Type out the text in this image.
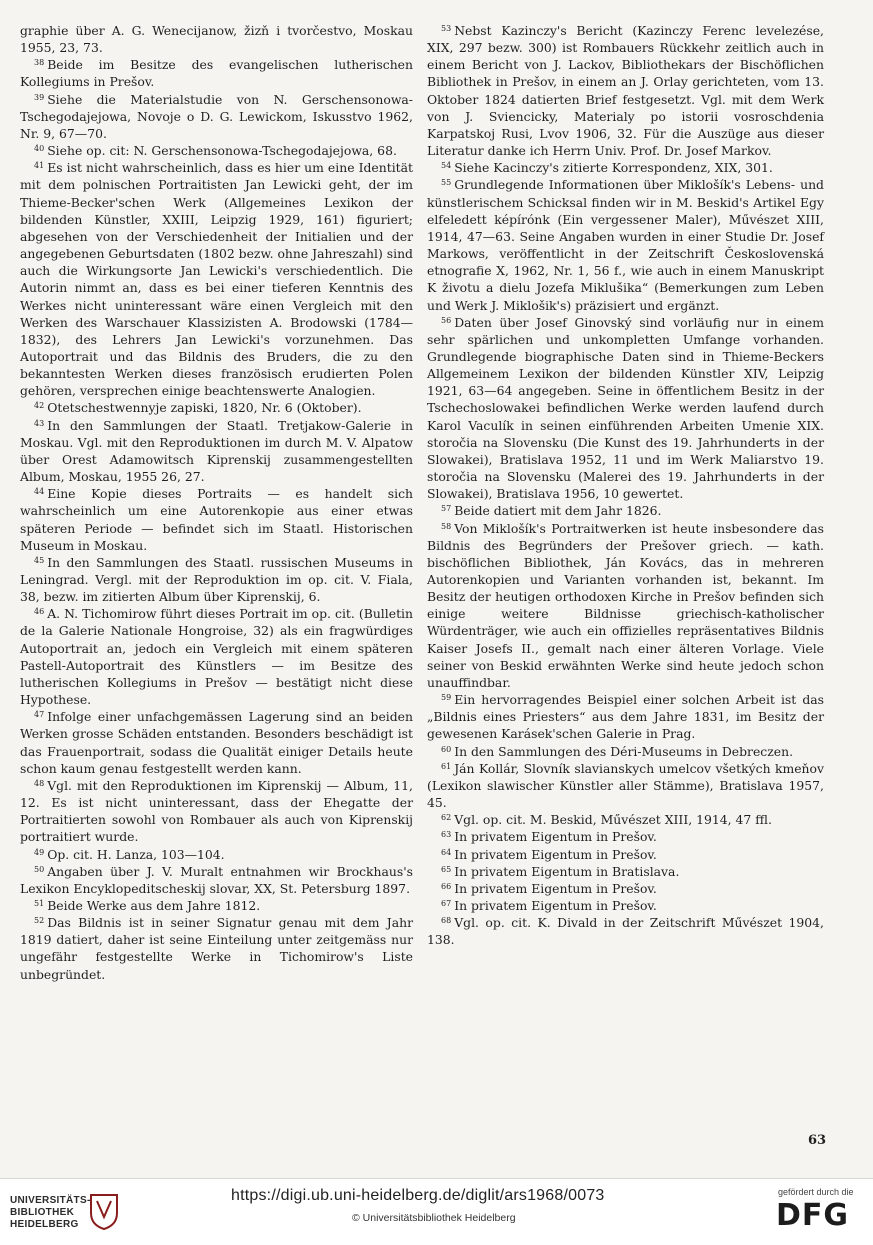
graphie über A. G. Wenecijanow, žizň i tvorčestvo, Moskau 1955, 23, 73.

$^{38}$ Beide im Besitze des evangelischen lutherischen Kollegiums in Prešov.

$^{39}$ Siehe die Materialstudie von N. Gerschensonowa-Tschegodajejowa, Novoje o D. G. Lewickom, Iskusstvo 1962, Nr. 9, 67—70.

$^{40}$ Siehe op. cit: N. Gerschensonowa-Tschegodajejowa, 68.

$^{41}$ Es ist nicht wahrscheinlich, dass es hier um eine Identität mit dem polnischen Portraitisten Jan Lewicki geht, der im Thieme-Becker'schen Werk (Allgemeines Lexikon der bildenden Künstler, XXIII, Leipzig 1929, 161) figuriert; abgesehen von der Verschiedenheit der Initialien und der angegebenen Geburtsdaten (1802 bezw. ohne Jahreszahl) sind auch die Wirkungsorte Jan Lewicki's verschiedentlich. Die Autorin nimmt an, dass es bei einer tieferen Kenntnis des Werkes nicht uninteressant wäre einen Vergleich mit den Werken des Warschauer Klassizisten A. Brodowski (1784—1832), des Lehrers Jan Lewicki's vorzunehmen. Das Autoportrait und das Bildnis des Bruders, die zu den bekanntesten Werken dieses französisch erudierten Polen gehören, versprechen einige beachtenswerte Analogien.

$^{42}$ Otetschestwennyje zapiski, 1820, Nr. 6 (Oktober).

$^{43}$ In den Sammlungen der Staatl. Tretjakow-Galerie in Moskau. Vgl. mit den Reproduktionen im durch M. V. Alpatow über Orest Adamowitsch Kiprenskij zusammengestellten Album, Moskau, 1955 26, 27.

$^{44}$ Eine Kopie dieses Portraits — es handelt sich wahrscheinlich um eine Autorenkopie aus einer etwas späteren Periode — befindet sich im Staatl. Historischen Museum in Moskau.

$^{45}$ In den Sammlungen des Staatl. russischen Museums in Leningrad. Vergl. mit der Reproduktion im op. cit. V. Fiala, 38, bezw. im zitierten Album über Kiprenskij, 6.

$^{46}$ A. N. Tichomirow führt dieses Portrait im op. cit. (Bulletin de la Galerie Nationale Hongroise, 32) als ein fragwürdiges Autoportrait an, jedoch ein Vergleich mit einem späteren Pastell-Autoportrait des Künstlers — im Besitze des lutherischen Kollegiums in Prešov — bestätigt nicht diese Hypothese.

$^{47}$ Infolge einer unfachgemässen Lagerung sind an beiden Werken grosse Schäden entstanden. Besonders beschädigt ist das Frauenportrait, sodass die Qualität einiger Details heute schon kaum genau festgestellt werden kann.

$^{48}$ Vgl. mit den Reproduktionen im Kiprenskij — Album, 11, 12. Es ist nicht uninteressant, dass der Ehegatte der Portraitierten sowohl von Rombauer als auch von Kiprenskij portraitiert wurde.

$^{49}$ Op. cit. H. Lanza, 103—104.

$^{50}$ Angaben über J. V. Muralt entnahmen wir Brockhaus's Lexikon Encyklopeditscheskij slovar, XX, St. Petersburg 1897.

$^{51}$ Beide Werke aus dem Jahre 1812.

$^{52}$ Das Bildnis ist in seiner Signatur genau mit dem Jahr 1819 datiert, daher ist seine Einteilung unter zeitgemäss nur ungefähr festgestellte Werke in Tichomirow's Liste unbegründet.

$^{53}$ Nebst Kazinczy's Bericht (Kazinczy Ferenc levelezése, XIX, 297 bezw. 300) ist Rombauers Rückkehr zeitlich auch in einem Bericht von J. Lackov, Bibliothekars der Bischöflichen Bibliothek in Prešov, in einem an J. Orlay gerichteten, vom 13. Oktober 1824 datierten Brief festgesetzt. Vgl. mit dem Werk von J. Sviencicky, Materialy po istorii vosroschdenia Karpatskoj Rusi, Lvov 1906, 32. Für die Auszüge aus dieser Literatur danke ich Herrn Univ. Prof. Dr. Josef Markov.

$^{54}$ Siehe Kacinczy's zitierte Korrespondenz, XIX, 301.

$^{55}$ Grundlegende Informationen über Miklošík's Lebens- und künstlerischem Schicksal finden wir in M. Beskid's Artikel Egy elfeledett képírónk (Ein vergessener Maler), Művészet XIII, 1914, 47—63. Seine Angaben wurden in einer Studie Dr. Josef Markows, veröffentlicht in der Zeitschrift Československá etnografie X, 1962, Nr. 1, 56 f., wie auch in einem Manuskript K životu a dielu Jozefa Miklušika“ (Bemerkungen zum Leben und Werk J. Miklošik's) präzisiert und ergänzt.

$^{56}$ Daten über Josef Ginovský sind vorläufig nur in einem sehr spärlichen und unkompletten Umfange vorhanden. Grundlegende biographische Daten sind in Thieme-Beckers Allgemeinem Lexikon der bildenden Künstler XIV, Leipzig 1921, 63—64 angegeben. Seine in öffentlichem Besitz in der Tschechoslowakei befindlichen Werke werden laufend durch Karol Vaculík in seinen einführenden Arbeiten Umenie XIX. storočia na Slovensku (Die Kunst des 19. Jahrhunderts in der Slowakei), Bratislava 1952, 11 und im Werk Maliarstvo 19. storočia na Slovensku (Malerei des 19. Jahrhunderts in der Slowakei), Bratislava 1956, 10 gewertet.

$^{57}$ Beide datiert mit dem Jahr 1826.

$^{58}$ Von Miklošík's Portraitwerken ist heute insbesondere das Bildnis des Begründers der Prešover griech. — kath. bischöflichen Bibliothek, Ján Kovács, das in mehreren Autorenkopien und Varianten vorhanden ist, bekannt. Im Besitz der heutigen orthodoxen Kirche in Prešov befinden sich einige weitere Bildnisse griechisch-katholischer Würdenträger, wie auch ein offizielles repräsentatives Bildnis Kaiser Josefs II., gemalt nach einer älteren Vorlage. Viele seiner von Beskid erwähnten Werke sind heute jedoch schon unauffindbar.

$^{59}$ Ein hervorragendes Beispiel einer solchen Arbeit ist das „Bildnis eines Priesters“ aus dem Jahre 1831, im Besitz der gewesenen Karásek'schen Galerie in Prag.

$^{60}$ In den Sammlungen des Déri-Museums in Debreczen.

$^{61}$ Ján Kollár, Slovník slavianskych umelcov všetkých kmeňov (Lexikon slawischer Künstler aller Stämme), Bratislava 1957, 45.

$^{62}$ Vgl. op. cit. M. Beskid, Művészet XIII, 1914, 47 ffl.

$^{63}$ In privatem Eigentum in Prešov.

$^{64}$ In privatem Eigentum in Prešov.

$^{65}$ In privatem Eigentum in Bratislava.

$^{66}$ In privatem Eigentum in Prešov.

$^{67}$ In privatem Eigentum in Prešov.

$^{68}$ Vgl. op. cit. K. Divald in der Zeitschrift Művészet 1904, 138.

63
UNIVERSITÄTS-
BIBLIOTHEK
HEIDELBERG
https://digi.ub.uni-heidelberg.de/diglit/ars1968/0073
© Universitätsbibliothek Heidelberg
gefördert durch die
DFG
